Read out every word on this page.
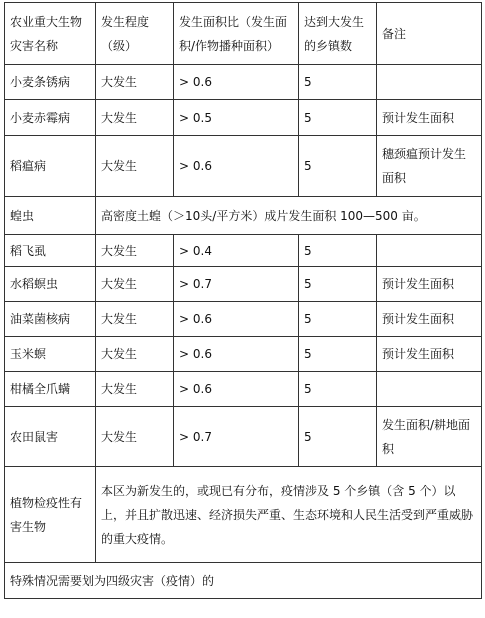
农业重大生物灾害名称	发生程度（级）	发生面积比（发生面积/作物播种面积）	达到大发生的乡镇数	备注
小麦条锈病	大发生	> 0.6	5	
小麦赤霉病	大发生	> 0.5	5	预计发生面积
稻瘟病	大发生	> 0.6	5	穗颈瘟预计发生面积
蝗虫	高密度土蝗（＞10头/平方米）成片发生面积 100—500 亩。			
稻飞虱	大发生	> 0.4	5	
水稻螟虫	大发生	> 0.7	5	预计发生面积
油菜菌核病	大发生	> 0.6	5	预计发生面积
玉米螟	大发生	> 0.6	5	预计发生面积
柑橘全爪螨	大发生	> 0.6	5	
农田鼠害	大发生	> 0.7	5	发生面积/耕地面积
植物检疫性有害生物	本区为新发生的，或现已有分布，疫情涉及 5 个乡镇（含 5 个）以上，并且扩散迅速、经济损失严重、生态环境和人民生活受到严重威胁的重大疫情。			
特殊情况需要划为四级灾害（疫情）的				
